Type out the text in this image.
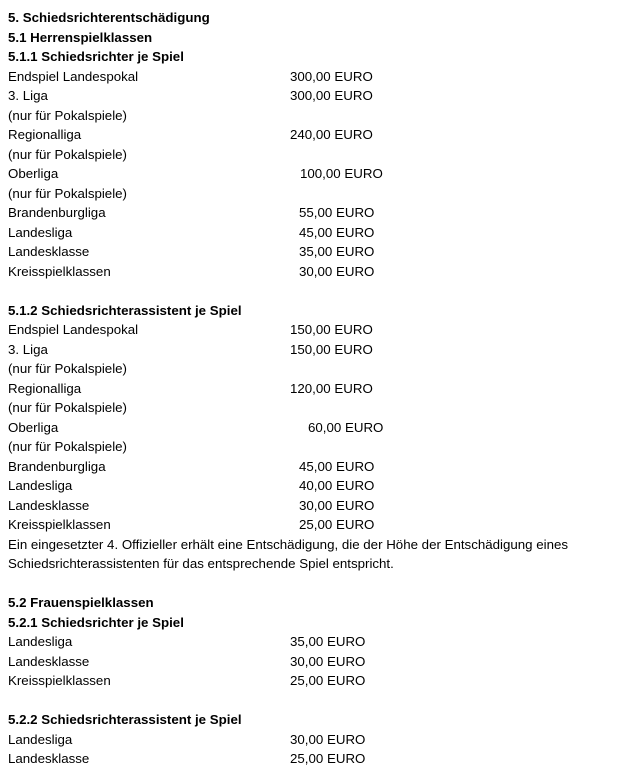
5. Schiedsrichterentschädigung
5.1 Herrenspielklassen
5.1.1 Schiedsrichter je Spiel
Endspiel Landespokal	300,00 EURO
3. Liga	300,00 EURO
(nur für Pokalspiele)
Regionalliga	240,00 EURO
(nur für Pokalspiele)
Oberliga	100,00 EURO
(nur für Pokalspiele)
Brandenburgliga	55,00 EURO
Landesliga	45,00 EURO
Landesklasse	35,00 EURO
Kreisspielklassen	30,00 EURO
5.1.2 Schiedsrichterassistent je Spiel
Endspiel Landespokal	150,00 EURO
3. Liga	150,00 EURO
(nur für Pokalspiele)
Regionalliga	120,00 EURO
(nur für Pokalspiele)
Oberliga	60,00 EURO
(nur für Pokalspiele)
Brandenburgliga	45,00 EURO
Landesliga	40,00 EURO
Landesklasse	30,00 EURO
Kreisspielklassen	25,00 EURO
Ein eingesetzter 4. Offizieller erhält eine Entschädigung, die der Höhe der Entschädigung eines Schiedsrichterassistenten für das entsprechende Spiel entspricht.
5.2 Frauenspielklassen
5.2.1 Schiedsrichter je Spiel
Landesliga	35,00 EURO
Landesklasse	30,00 EURO
Kreisspielklassen	25,00 EURO
5.2.2 Schiedsrichterassistent je Spiel
Landesliga	30,00 EURO
Landesklasse	25,00 EURO
